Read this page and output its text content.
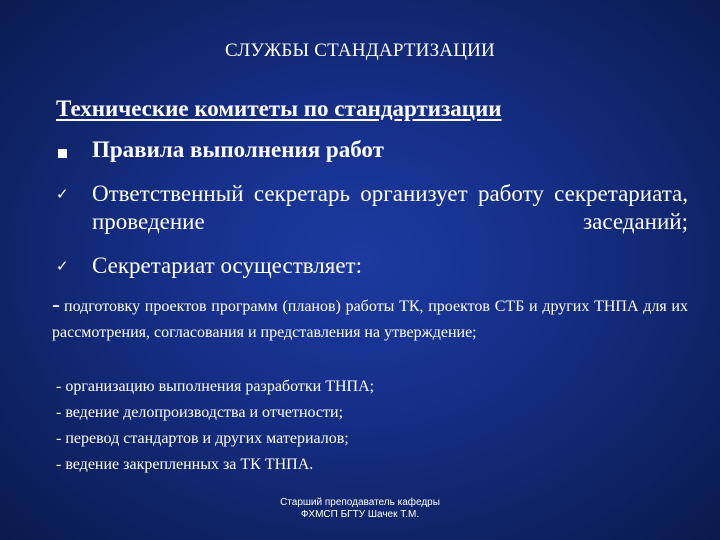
СЛУЖБЫ СТАНДАРТИЗАЦИИ
Технические комитеты по стандартизации
Правила выполнения работ
✓ Ответственный секретарь организует работу секретариата, проведение заседаний;
✓ Секретариат осуществляет:
- подготовку проектов программ (планов) работы ТК, проектов СТБ и других ТНПА для их рассмотрения, согласования и представления на утверждение;
- организацию выполнения разработки ТНПА;
- ведение делопроизводства и отчетности;
- перевод стандартов и других материалов;
- ведение закрепленных за ТК ТНПА.
Старший преподаватель кафедры
ФХМСП БГТУ Шачек Т.М.
